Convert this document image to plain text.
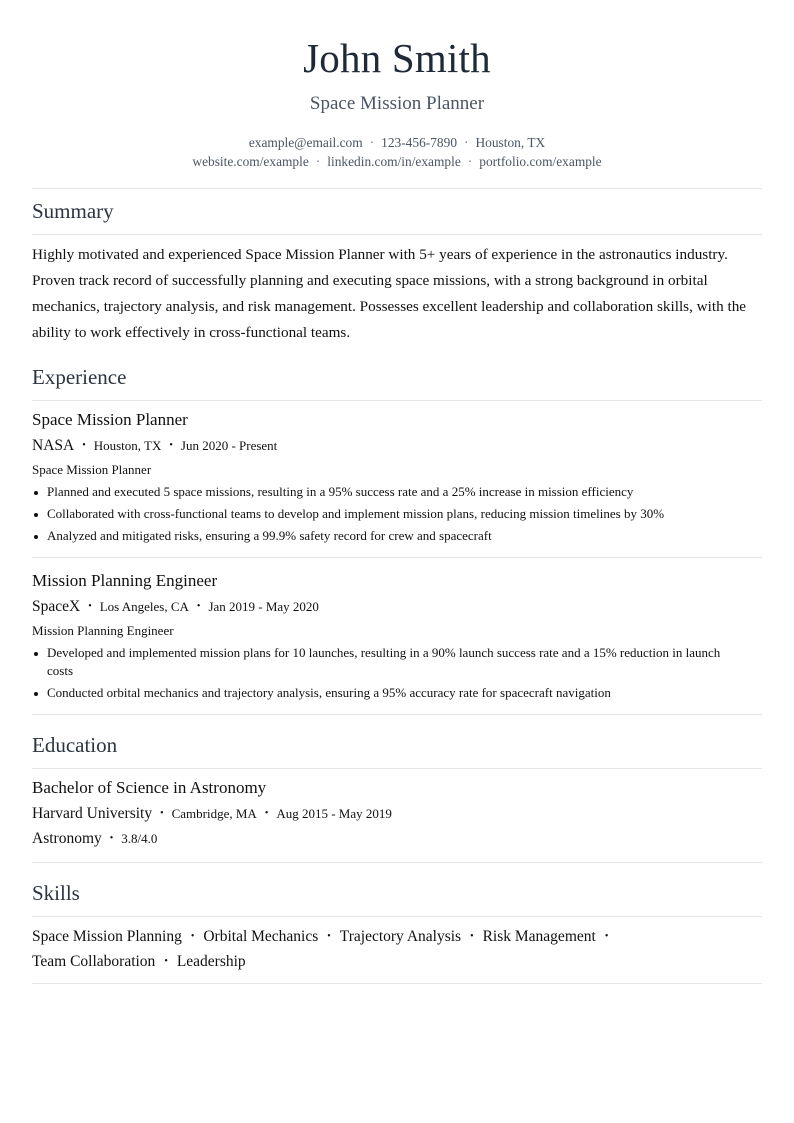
John Smith
Space Mission Planner
example@email.com · 123-456-7890 · Houston, TX
website.com/example · linkedin.com/in/example · portfolio.com/example
Summary
Highly motivated and experienced Space Mission Planner with 5+ years of experience in the astronautics industry. Proven track record of successfully planning and executing space missions, with a strong background in orbital mechanics, trajectory analysis, and risk management. Possesses excellent leadership and collaboration skills, with the ability to work effectively in cross-functional teams.
Experience
Space Mission Planner
NASA • Houston, TX • Jun 2020 - Present
Space Mission Planner
Planned and executed 5 space missions, resulting in a 95% success rate and a 25% increase in mission efficiency
Collaborated with cross-functional teams to develop and implement mission plans, reducing mission timelines by 30%
Analyzed and mitigated risks, ensuring a 99.9% safety record for crew and spacecraft
Mission Planning Engineer
SpaceX • Los Angeles, CA • Jan 2019 - May 2020
Mission Planning Engineer
Developed and implemented mission plans for 10 launches, resulting in a 90% launch success rate and a 15% reduction in launch costs
Conducted orbital mechanics and trajectory analysis, ensuring a 95% accuracy rate for spacecraft navigation
Education
Bachelor of Science in Astronomy
Harvard University • Cambridge, MA • Aug 2015 - May 2019
Astronomy • 3.8/4.0
Skills
Space Mission Planning • Orbital Mechanics • Trajectory Analysis • Risk Management •
Team Collaboration • Leadership
